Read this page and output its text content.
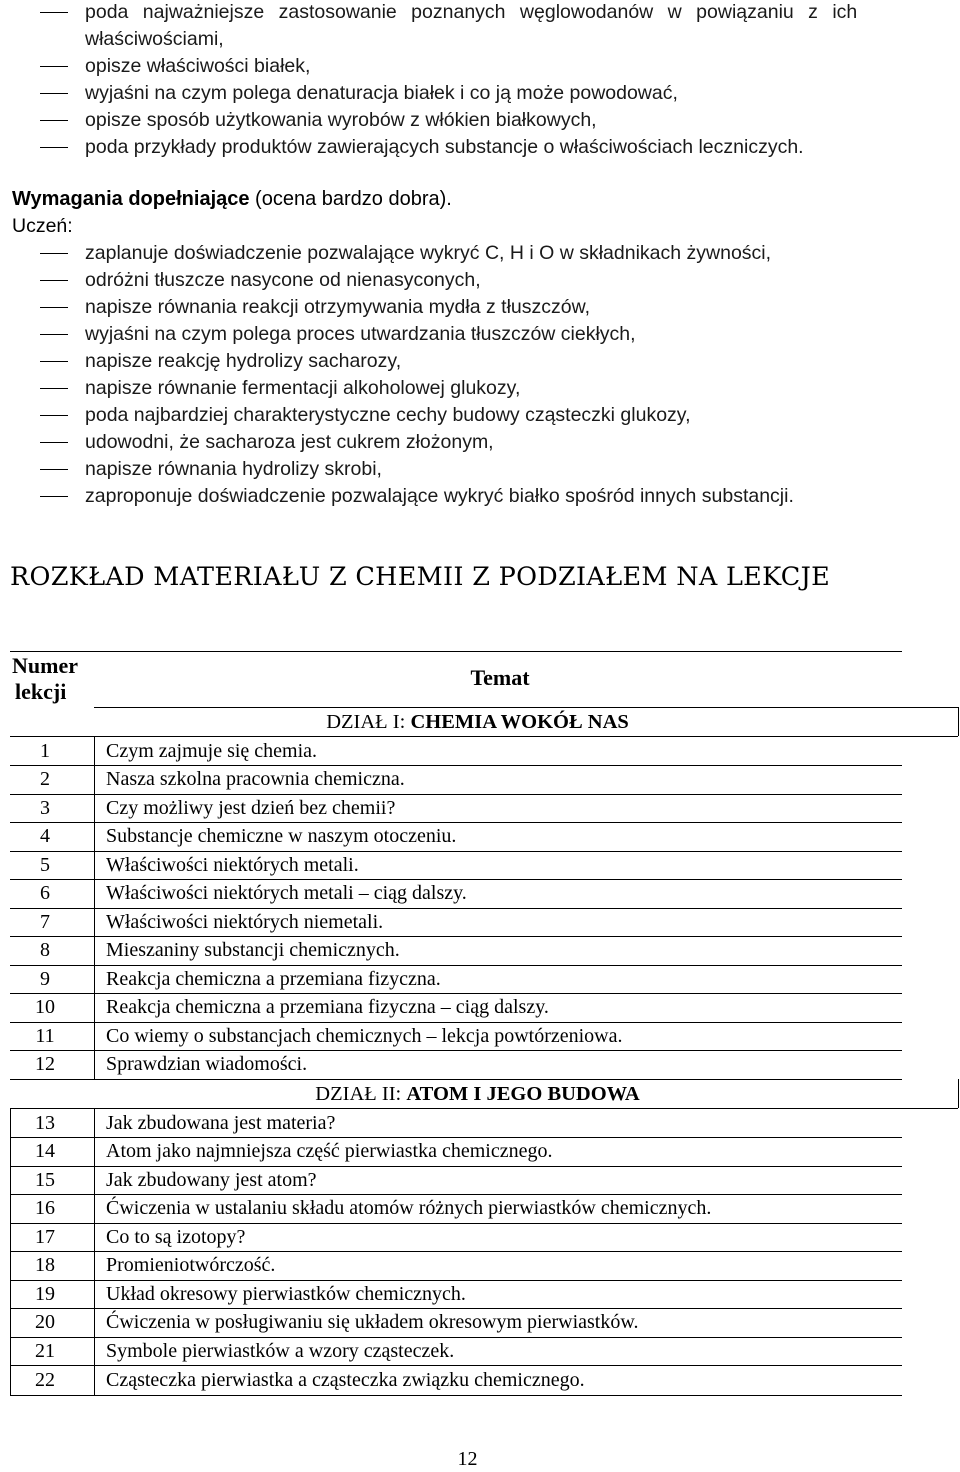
poda najważniejsze zastosowanie poznanych węglowodanów w powiązaniu z ich
właściwościami,
opisze właściwości białek,
wyjaśni na czym polega denaturacja białek i co ją może powodować,
opisze sposób użytkowania wyrobów z włókien białkowych,
poda przykłady produktów zawierających substancje o właściwościach leczniczych.
Wymagania dopełniające (ocena bardzo dobra).
Uczeń:
zaplanuje doświadczenie pozwalające wykryć C, H i O w składnikach żywności,
odróżni tłuszcze nasycone od nienasyconych,
napisze równania reakcji otrzymywania mydła z tłuszczów,
wyjaśni na czym polega proces utwardzania tłuszczów ciekłych,
napisze reakcję hydrolizy sacharozy,
napisze równanie fermentacji alkoholowej glukozy,
poda najbardziej charakterystyczne cechy budowy cząsteczki glukozy,
udowodni, że sacharoza jest cukrem złożonym,
napisze równania hydrolizy skrobi,
zaproponuje doświadczenie pozwalające wykryć białko spośród innych substancji.
ROZKŁAD MATERIAŁU Z CHEMII Z PODZIAŁEM NA LEKCJE
Numer
lekcji
Temat
DZIAŁ I: CHEMIA WOKÓŁ NAS
1	Czym zajmuje się chemia.
2	Nasza szkolna pracownia chemiczna.
3	Czy możliwy jest dzień bez chemii?
4	Substancje chemiczne w naszym otoczeniu.
5	Właściwości niektórych metali.
6	Właściwości niektórych metali – ciąg dalszy.
7	Właściwości niektórych niemetali.
8	Mieszaniny substancji chemicznych.
9	Reakcja chemiczna a przemiana fizyczna.
10	Reakcja chemiczna a przemiana fizyczna – ciąg dalszy.
11	Co wiemy o substancjach chemicznych – lekcja powtórzeniowa.
12	Sprawdzian wiadomości.
DZIAŁ II: ATOM I JEGO BUDOWA
13	Jak zbudowana jest materia?
14	Atom jako najmniejsza część pierwiastka chemicznego.
15	Jak zbudowany jest atom?
16	Ćwiczenia w ustalaniu składu atomów różnych pierwiastków chemicznych.
17	Co to są izotopy?
18	Promieniotwórczość.
19	Układ okresowy pierwiastków chemicznych.
20	Ćwiczenia w posługiwaniu się układem okresowym pierwiastków.
21	Symbole pierwiastków a wzory cząsteczek.
22	Cząsteczka pierwiastka a cząsteczka związku chemicznego.
12
